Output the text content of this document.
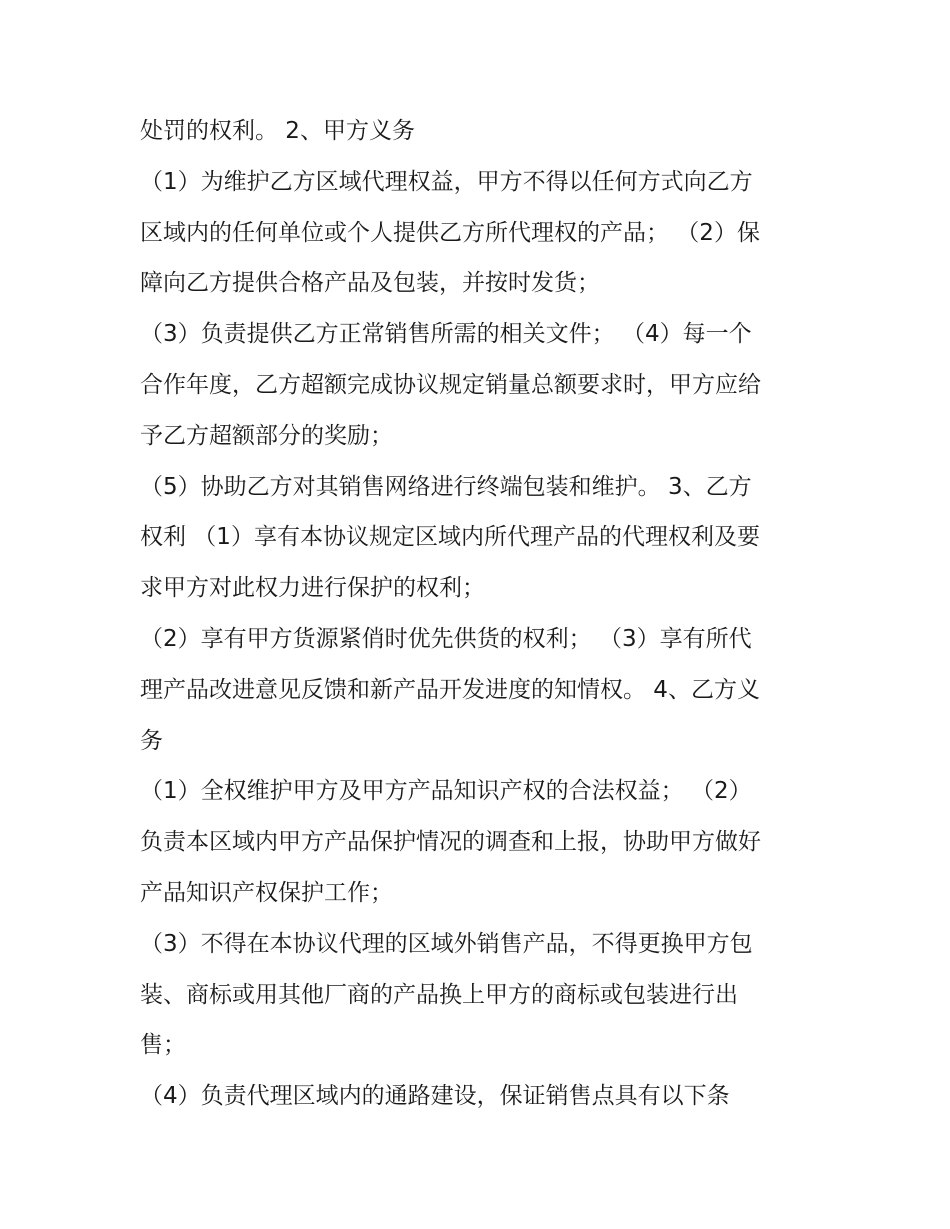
处罚的权利。 2、甲方义务

（1）为维护乙方区域代理权益，甲方不得以任何方式向乙方

区域内的任何单位或个人提供乙方所代理权的产品； （2）保

障向乙方提供合格产品及包装，并按时发货；

（3）负责提供乙方正常销售所需的相关文件； （4）每一个

合作年度，乙方超额完成协议规定销量总额要求时，甲方应给

予乙方超额部分的奖励；

（5）协助乙方对其销售网络进行终端包装和维护。 3、乙方

权利 （1）享有本协议规定区域内所代理产品的代理权利及要

求甲方对此权力进行保护的权利；

（2）享有甲方货源紧俏时优先供货的权利； （3）享有所代

理产品改进意见反馈和新产品开发进度的知情权。 4、乙方义

务

（1）全权维护甲方及甲方产品知识产权的合法权益； （2）

负责本区域内甲方产品保护情况的调查和上报，协助甲方做好

产品知识产权保护工作；

（3）不得在本协议代理的区域外销售产品，不得更换甲方包

装、商标或用其他厂商的产品换上甲方的商标或包装进行出

售；

（4）负责代理区域内的通路建设，保证销售点具有以下条
